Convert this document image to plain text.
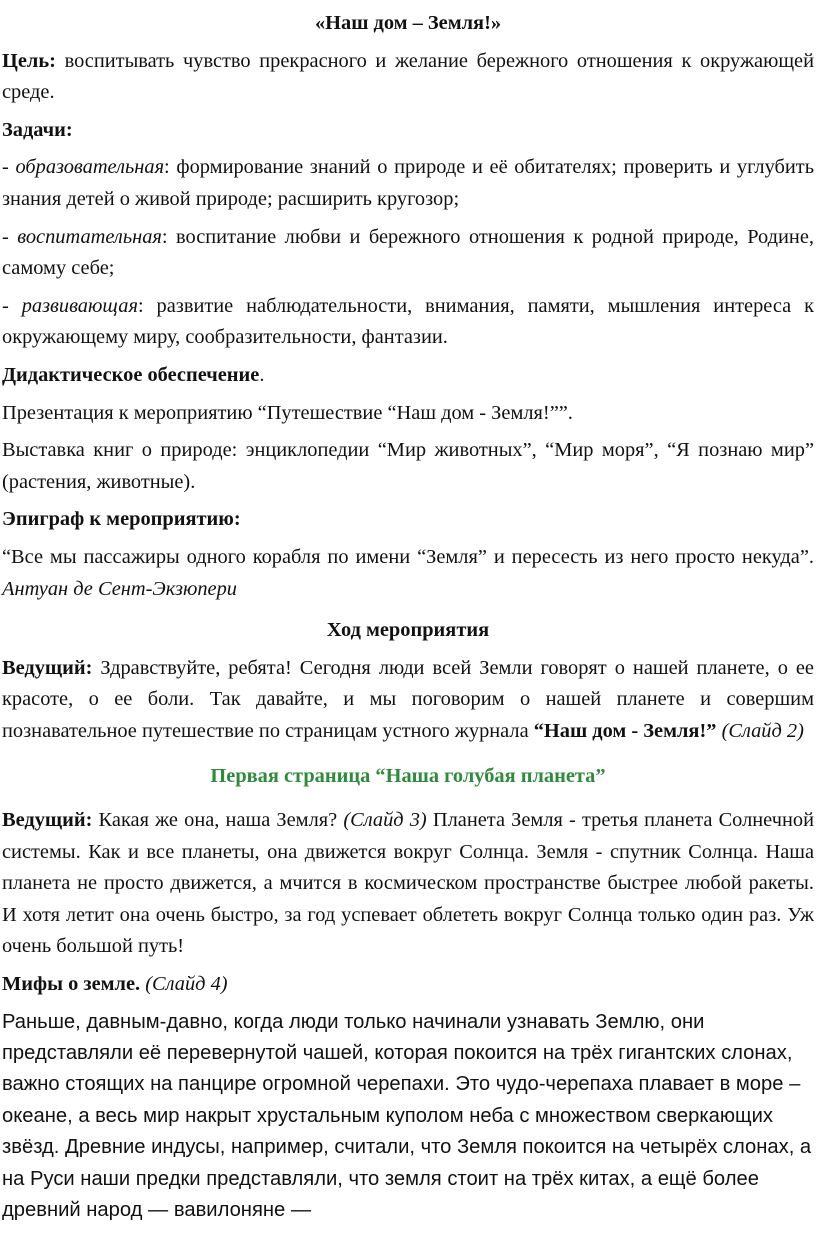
«Наш дом – Земля!»

Цель: воспитывать чувство прекрасного и желание бережного отношения к окружающей среде.

Задачи:

- образовательная: формирование знаний о природе и её обитателях; проверить и углубить знания детей о живой природе; расширить кругозор;

- воспитательная: воспитание любви и бережного отношения к родной природе, Родине, самому себе;

- развивающая: развитие наблюдательности, внимания, памяти, мышления интереса к окружающему миру, сообразительности, фантазии.

Дидактическое обеспечение.

Презентация к мероприятию “Путешествие “Наш дом - Земля!””.

Выставка книг о природе: энциклопедии “Мир животных”, “Мир моря”, “Я познаю мир” (растения, животные).

Эпиграф к мероприятию:

“Все мы пассажиры одного корабля по имени “Земля” и пересесть из него просто некуда”. Антуан де Сент-Экзюпери

Ход мероприятия

Ведущий: Здравствуйте, ребята! Сегодня люди всей Земли говорят о нашей планете, о ее красоте, о ее боли. Так давайте, и мы поговорим о нашей планете и совершим познавательное путешествие по страницам устного журнала “Наш дом - Земля!” (Слайд 2)

Первая страница “Наша голубая планета”

Ведущий: Какая же она, наша Земля? (Слайд 3) Планета Земля - третья планета Солнечной системы. Как и все планеты, она движется вокруг Солнца. Земля - спутник Солнца. Наша планета не просто движется, а мчится в космическом пространстве быстрее любой ракеты. И хотя летит она очень быстро, за год успевает облететь вокруг Солнца только один раз. Уж очень большой путь!

Мифы о земле. (Слайд 4)

Раньше, давным-давно, когда люди только начинали узнавать Землю, они представляли её перевернутой чашей, которая покоится на трёх гигантских слонах, важно стоящих на панцире огромной черепахи. Это чудо-черепаха плавает в море – океане, а весь мир накрыт хрустальным куполом неба с множеством сверкающих звёзд. Древние индусы, например, считали, что Земля покоится на четырёх слонах, а на Руси наши предки представляли, что земля стоит на трёх китах, а ещё более древний народ — вавилоняне —
